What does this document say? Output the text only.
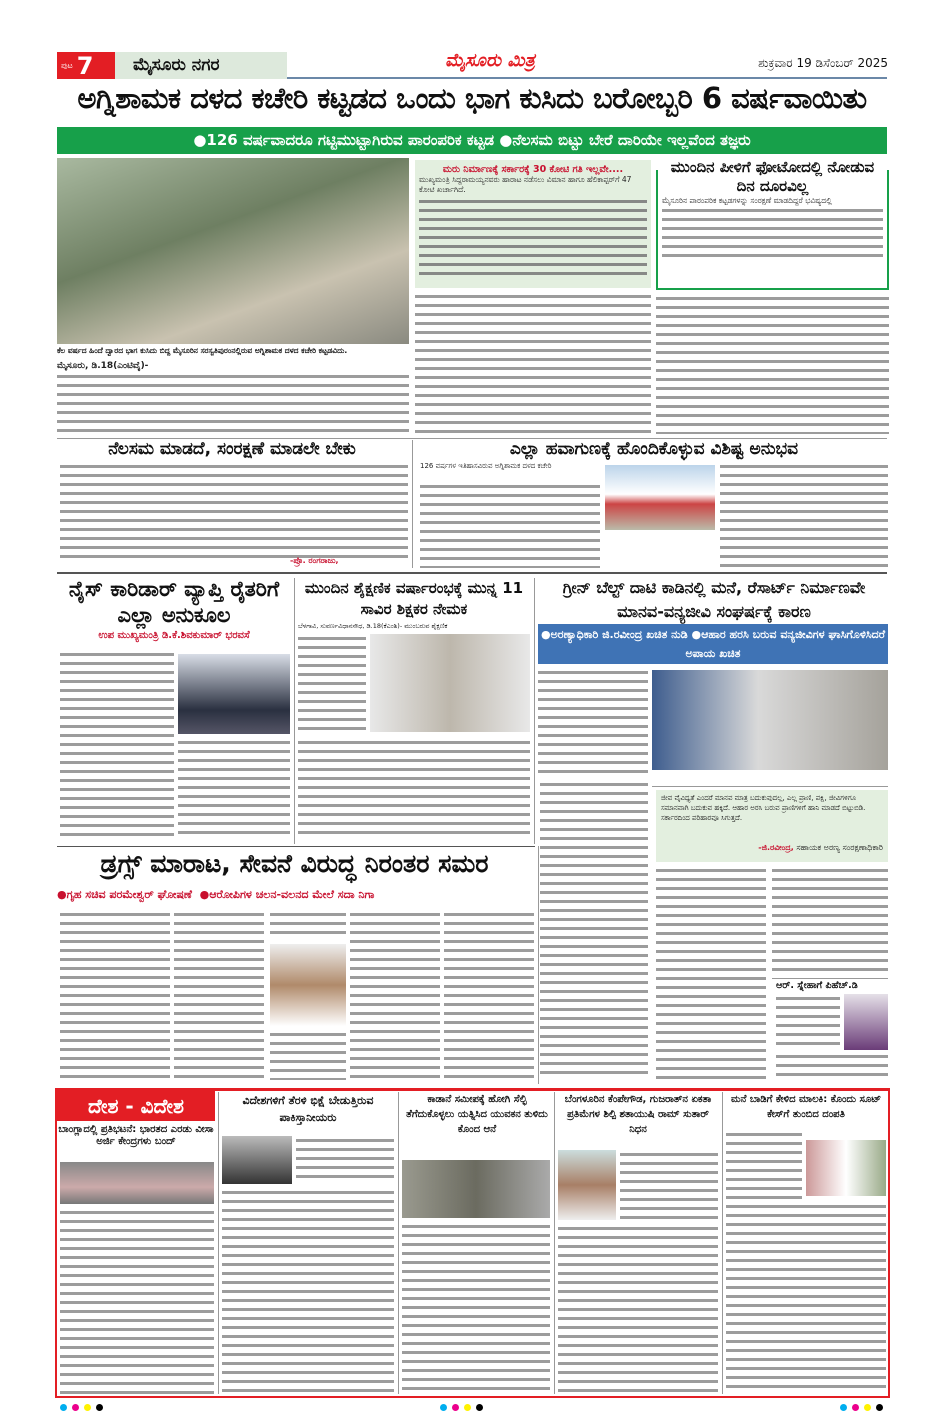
ಪುಟ 7	ಮೈಸೂರು ನಗರ	ಮೈಸೂರು ಮಿತ್ರ	ಶುಕ್ರವಾರ 19 ಡಿಸೆಂಬರ್ 2025
ಅಗ್ನಿಶಾಮಕ ದಳದ ಕಚೇರಿ ಕಟ್ಟಡದ ಒಂದು ಭಾಗ ಕುಸಿದು ಬರೋಬ್ಬರಿ 6 ವರ್ಷವಾಯಿತು
●126 ವರ್ಷವಾದರೂ ಗಟ್ಟಿಮುಟ್ಟಾಗಿರುವ ಪಾರಂಪರಿಕ ಕಟ್ಟಡ ●ನೆಲಸಮ ಬಿಟ್ಟು ಬೇರೆ ದಾರಿಯೇ ಇಲ್ಲವೆಂದ ತಜ್ಞರು
ಕೆಲ ವರ್ಷದ ಹಿಂದೆ ದ್ವಾರದ ಭಾಗ ಕುಸಿದು ಬಿದ್ದ ಮೈಸೂರಿನ ಸರಸ್ವತಿಪುರಂನಲ್ಲಿರುವ ಅಗ್ನಿಶಾಮಕ ದಳದ ಕಚೇರಿ ಕಟ್ಟಡವಿದು.
ಮೈಸೂರು, ಡಿ.18(ಎಂಟಿವೈ)-
ಮರು ನಿರ್ಮಾಣಕ್ಕೆ ಸರ್ಕಾರಕ್ಕೆ 30 ಕೋಟಿ ಗತಿ ಇಲ್ಲವೇ....
ಮುಖ್ಯಮಂತ್ರಿ ಸಿದ್ದರಾಮಯ್ಯನವರು ಹಾರಾಟ ನಡೆಸಲು ವಿಮಾನ ಹಾಗೂ ಹೆಲಿಕಾಪ್ಟರ್‌ಗೆ 47 ಕೋಟಿ ಖರ್ಚಾಗಿದೆ.
ಮುಂದಿನ ಪೀಳಿಗೆ ಫೋಟೋದಲ್ಲಿ ನೋಡುವ ದಿನ ದೂರವಿಲ್ಲ
ಮೈಸೂರಿನ ಪಾರಂಪರಿಕ ಕಟ್ಟಡಗಳನ್ನು ಸಂರಕ್ಷಣೆ ಮಾಡದಿದ್ದರೆ ಭವಿಷ್ಯದಲ್ಲಿ
ನೆಲಸಮ ಮಾಡದೆ, ಸಂರಕ್ಷಣೆ ಮಾಡಲೇ ಬೇಕು
-ಪ್ರೊ. ರಂಗರಾಜು,
ಎಲ್ಲಾ ಹವಾಗುಣಕ್ಕೆ ಹೊಂದಿಕೊಳ್ಳುವ ವಿಶಿಷ್ಟ ಅನುಭವ
126 ವರ್ಷಗಳ ಇತಿಹಾಸವಿರುವ ಅಗ್ನಿಶಾಮಕ ದಳದ ಕಚೇರಿ
ನೈಸ್ ಕಾರಿಡಾರ್ ವ್ಯಾಪ್ತಿ ರೈತರಿಗೆ ಎಲ್ಲಾ ಅನುಕೂಲ
ಉಪ ಮುಖ್ಯಮಂತ್ರಿ ಡಿ.ಕೆ.ಶಿವಕುಮಾರ್ ಭರವಸೆ
ಮುಂದಿನ ಶೈಕ್ಷಣಿಕ ವರ್ಷಾರಂಭಕ್ಕೆ ಮುನ್ನ 11 ಸಾವಿರ ಶಿಕ್ಷಕರ ನೇಮಕ
ಬೆಳಗಾವಿ, ಸುವರ್ಣವಿಧಾನಸೌಧ, ಡಿ.18(ಕೆಎಂಶಿ)- ಮುಂಬರುವ ಶೈಕ್ಷಣಿಕ
ಗ್ರೀನ್ ಬೆಲ್ಟ್ ದಾಟಿ ಕಾಡಿನಲ್ಲಿ ಮನೆ, ರೆಸಾರ್ಟ್ ನಿರ್ಮಾಣವೇ ಮಾನವ-ವನ್ಯಜೀವಿ ಸಂಘರ್ಷಕ್ಕೆ ಕಾರಣ
●ಅರಣ್ಯಾಧಿಕಾರಿ ಜಿ.ರವೀಂದ್ರ ಖಚಿತ ನುಡಿ ●ಆಹಾರ ಹರಸಿ ಬರುವ ವನ್ಯಜೀವಿಗಳ ಘಾಸಿಗೊಳಿಸಿದರೆ ಅಪಾಯ ಖಚಿತ
ಜೀವ ವೈವಿಧ್ಯತೆ ಎಂದರೆ ಮಾನವ ಮಾತ್ರ ಬದುಕುವುದಲ್ಲ, ಎಲ್ಲ ಪ್ರಾಣಿ, ಪಕ್ಷಿ, ಜೀವಿಗಳಿಗೂ ಸಮಾನವಾಗಿ ಬದುಕುವ ಹಕ್ಕಿದೆ. ಆಹಾರ ಅರಸಿ ಬರುವ ಪ್ರಾಣಿಗಳಿಗೆ ಹಾನಿ ಮಾಡದೆ ಬಿಟ್ಟುಬಿಡಿ. ಸರ್ಕಾರದಿಂದ ಪರಿಹಾರವೂ ಸಿಗುತ್ತದೆ.
-ಜಿ.ರವೀಂದ್ರ, ಸಹಾಯಕ ಅರಣ್ಯ ಸಂರಕ್ಷಣಾಧಿಕಾರಿ
ಡ್ರಗ್ಸ್ ಮಾರಾಟ, ಸೇವನೆ ವಿರುದ್ಧ ನಿರಂತರ ಸಮರ
●ಗೃಹ ಸಚಿವ ಪರಮೇಶ್ವರ್ ಘೋಷಣೆ ●ಆರೋಪಿಗಳ ಚಲನ-ವಲನದ ಮೇಲೆ ಸದಾ ನಿಗಾ
ಆರ್. ಸ್ನೇಹಾಗೆ ಪಿಹೆಚ್.ಡಿ
ದೇಶ - ವಿದೇಶ
ಬಾಂಗ್ಲಾದಲ್ಲಿ ಪ್ರತಿಭಟನೆ: ಭಾರತದ ಎರಡು ವೀಸಾ ಅರ್ಜಿ ಕೇಂದ್ರಗಳು ಬಂದ್
ವಿದೇಶಗಳಿಗೆ ತೆರಳಿ ಭಿಕ್ಷೆ ಬೇಡುತ್ತಿರುವ ಪಾಕಿಸ್ತಾನೀಯರು
ಕಾಡಾನೆ ಸಮೀಪಕ್ಕೆ ಹೋಗಿ ಸೆಲ್ಫಿ ತೆಗೆದುಕೊಳ್ಳಲು ಯತ್ನಿಸಿದ ಯುವಕನ ತುಳಿದು ಕೊಂದ ಆನೆ
ಬೆಂಗಳೂರಿನ ಕೆಂಪೇಗೌಡ, ಗುಜರಾತ್‌ನ ಏಕತಾ ಪ್ರತಿಮೆಗಳ ಶಿಲ್ಪಿ ಶತಾಯುಷಿ ರಾಮ್ ಸುತಾರ್ ನಿಧನ
ಮನೆ ಬಾಡಿಗೆ ಕೇಳಿದ ಮಾಲಕಿ: ಕೊಂದು ಸೂಟ್ ಕೇಸ್‌ಗೆ ತುಂಬಿದ ದಂಪತಿ
